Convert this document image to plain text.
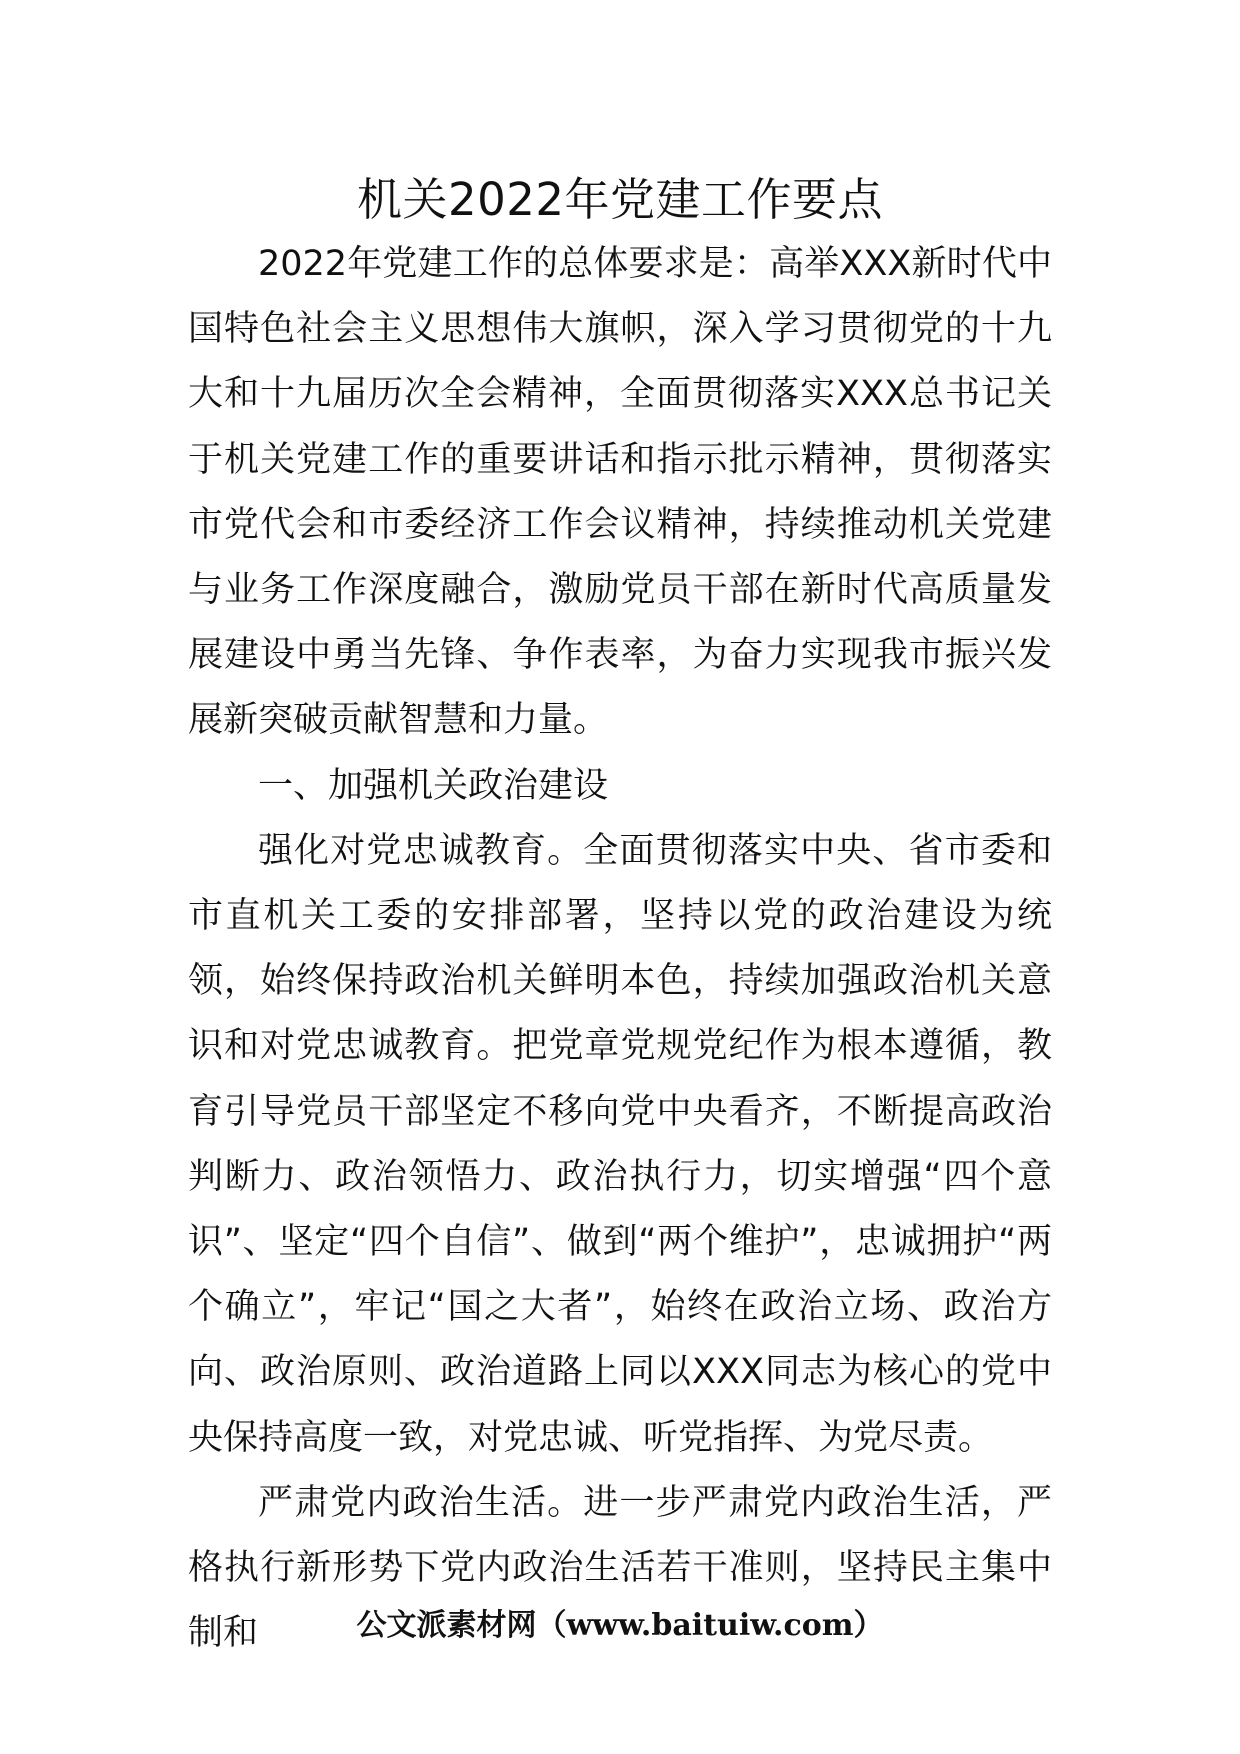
机关2022年党建工作要点

2022年党建工作的总体要求是：高举XXX新时代中国特色社会主义思想伟大旗帜，深入学习贯彻党的十九大和十九届历次全会精神，全面贯彻落实XXX总书记关于机关党建工作的重要讲话和指示批示精神，贯彻落实市党代会和市委经济工作会议精神，持续推动机关党建与业务工作深度融合，激励党员干部在新时代高质量发展建设中勇当先锋、争作表率，为奋力实现我市振兴发展新突破贡献智慧和力量。

一、加强机关政治建设

强化对党忠诚教育。全面贯彻落实中央、省市委和市直机关工委的安排部署，坚持以党的政治建设为统领，始终保持政治机关鲜明本色，持续加强政治机关意识和对党忠诚教育。把党章党规党纪作为根本遵循，教育引导党员干部坚定不移向党中央看齐，不断提高政治判断力、政治领悟力、政治执行力，切实增强“四个意识”、坚定“四个自信”、做到“两个维护”，忠诚拥护“两个确立”，牢记“国之大者”，始终在政治立场、政治方向、政治原则、政治道路上同以XXX同志为核心的党中央保持高度一致，对党忠诚、听党指挥、为党尽责。

严肃党内政治生活。进一步严肃党内政治生活，严格执行新形势下党内政治生活若干准则，坚持民主集中制和	公文派素材网（www.baituiw.com）
